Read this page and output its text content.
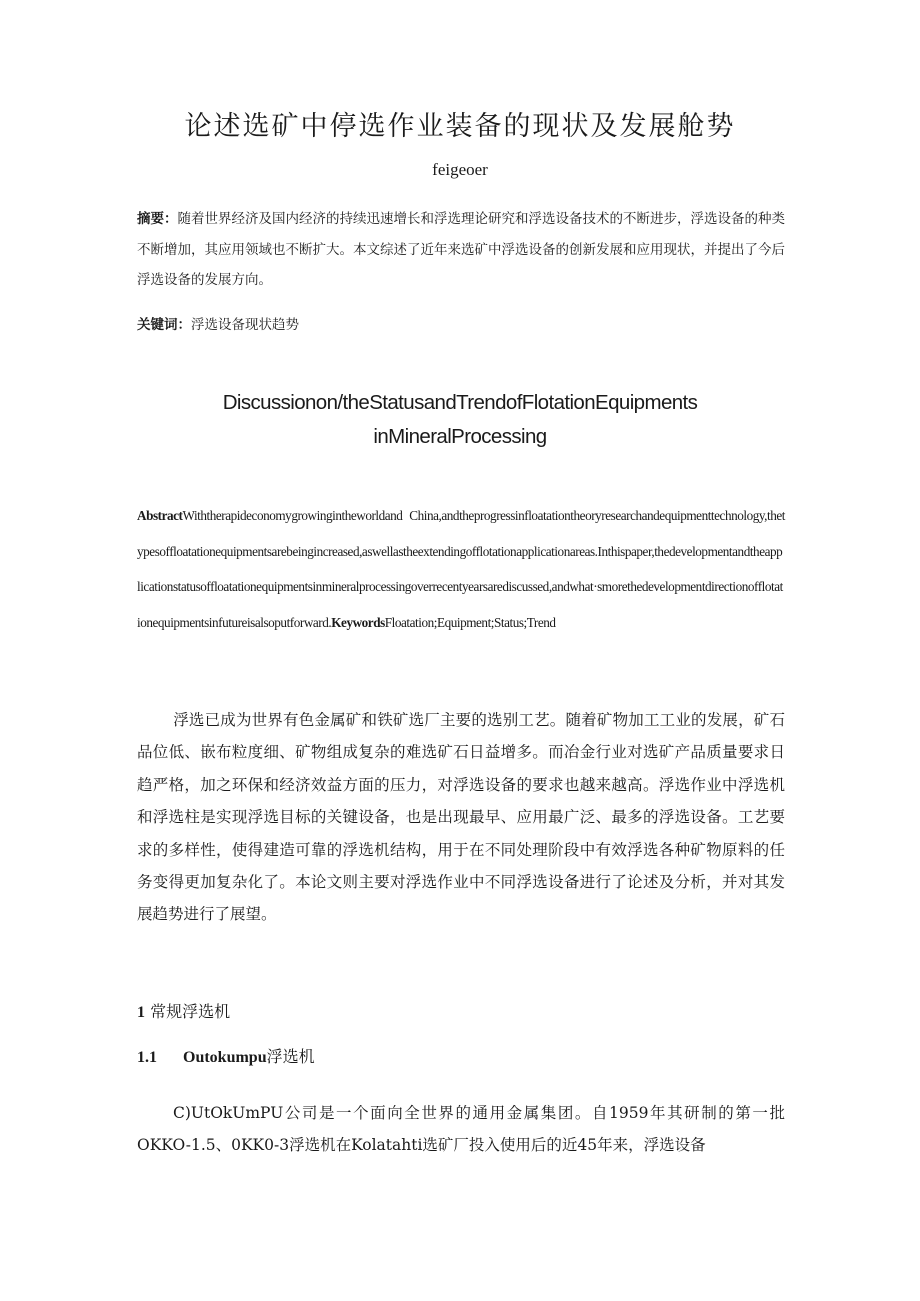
论述选矿中停选作业装备的现状及发展舱势
feigeoer

摘要：随着世界经济及国内经济的持续迅速增长和浮选理论研究和浮选设备技术的不断进步，浮选设备的种类不断增加，其应用领域也不断扩大。本文综述了近年来选矿中浮选设备的创新发展和应用现状，并提出了今后浮选设备的发展方向。

关键词：浮选设备现状趋势

Discussionon/theStatusandTrendofFlotationEquipments
inMineralProcessing

AbstractWiththerapideconomygrowingintheworldand China,andtheprogressinfloatationtheoryresearchandequipmenttechnology,thetypesoffloatationequipmentsarebeingincreased,aswellastheextendingofflotationapplicationareas.Inthispaper,thedevelopmentandtheapplicationstatusoffloatationequipmentsinmineralprocessingoverrecentyearsarediscussed,andwhat·smorethedevelopmentdirectionofflotationequipmentsinfutureisalsoputforward.KeywordsFloatation;Equipment;Status;Trend

浮选已成为世界有色金属矿和铁矿选厂主要的选别工艺。随着矿物加工工业的发展，矿石品位低、嵌布粒度细、矿物组成复杂的难选矿石日益增多。而冶金行业对选矿产品质量要求日趋严格，加之环保和经济效益方面的压力，对浮选设备的要求也越来越高。浮选作业中浮选机和浮选柱是实现浮选目标的关键设备，也是出现最早、应用最广泛、最多的浮选设备。工艺要求的多样性，使得建造可靠的浮选机结构，用于在不同处理阶段中有效浮选各种矿物原料的任务变得更加复杂化了。本论文则主要对浮选作业中不同浮选设备进行了论述及分析，并对其发展趋势进行了展望。

1 常规浮选机
1.1 Outokumpu浮选机

C)UtOkUmPU公司是一个面向全世界的通用金属集团。自1959年其研制的第一批OKKO-1.5、0KK0-3浮选机在Kolatahti选矿厂投入使用后的近45年来，浮选设备
